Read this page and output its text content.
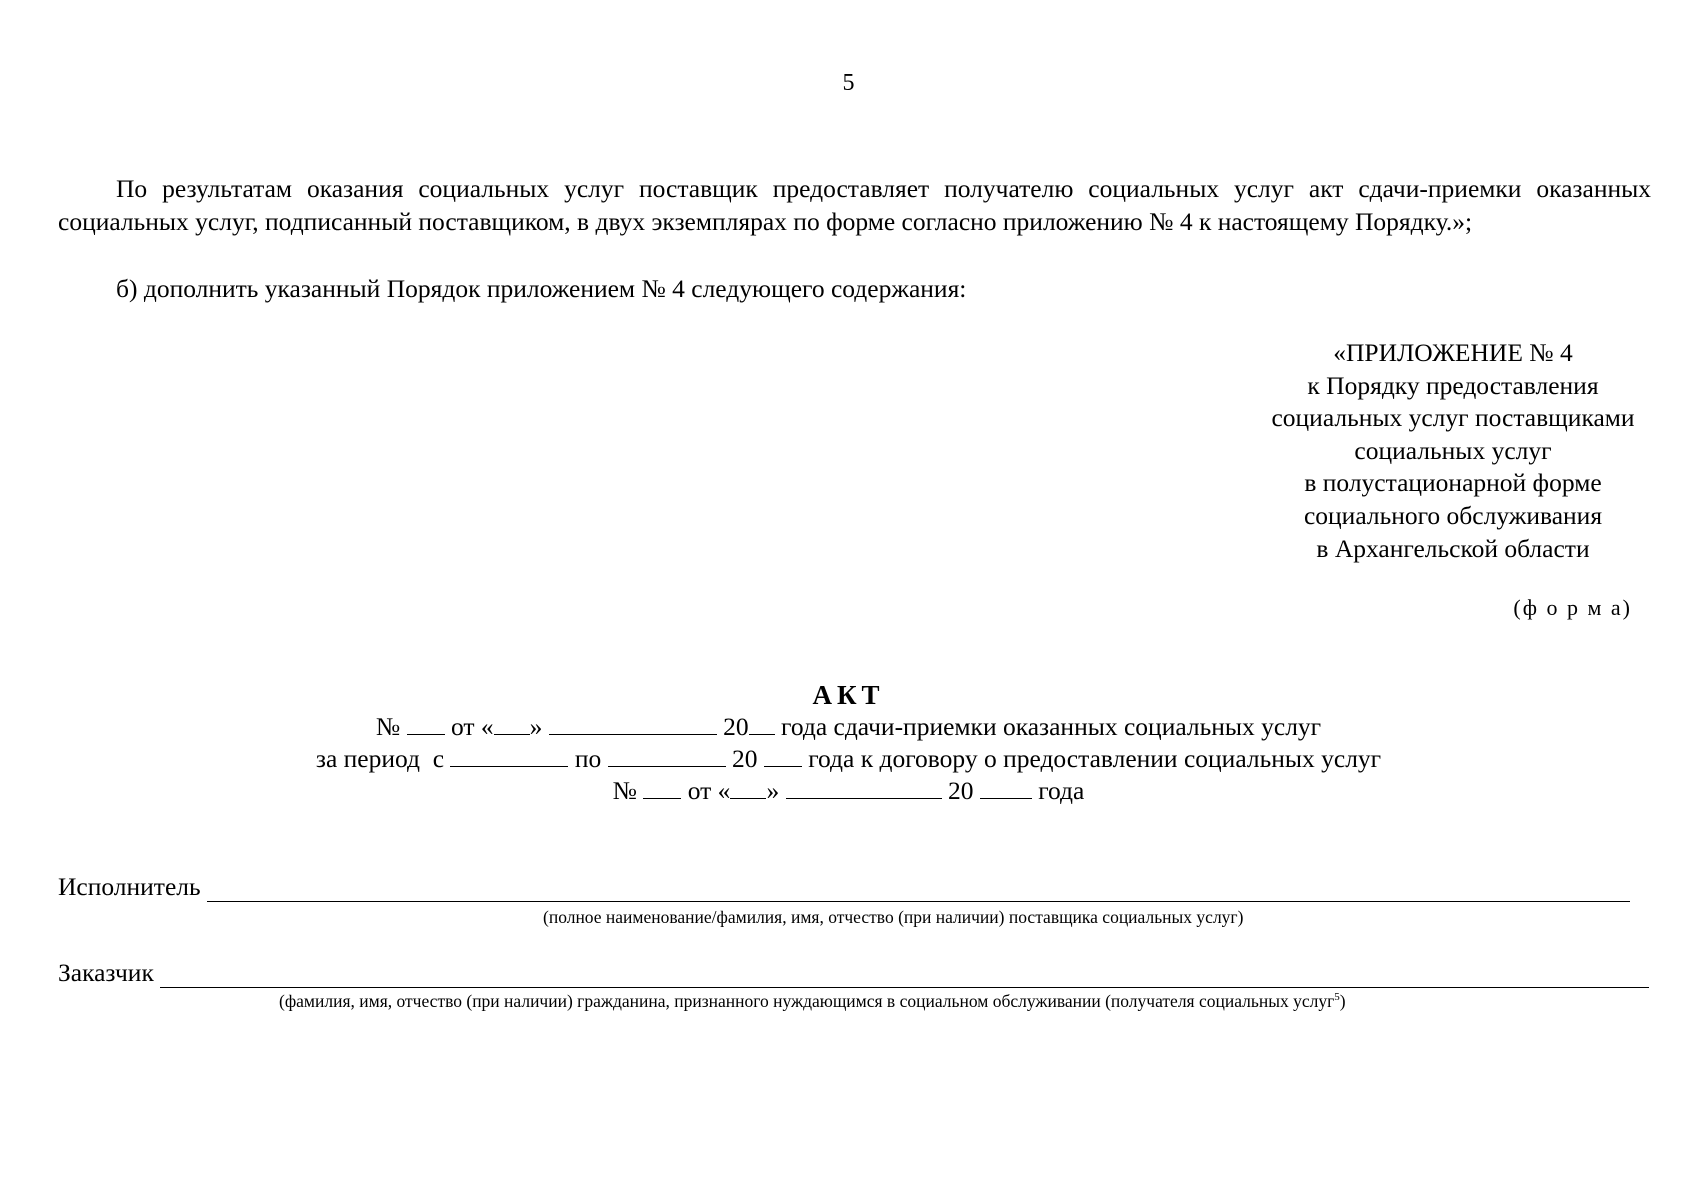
5
По результатам оказания социальных услуг поставщик предоставляет получателю социальных услуг акт сдачи-приемки оказанных социальных услуг, подписанный поставщиком, в двух экземплярах по форме согласно приложению № 4 к настоящему Порядку.»;
б) дополнить указанный Порядок приложением № 4 следующего содержания:
«ПРИЛОЖЕНИЕ № 4
к Порядку предоставления
социальных услуг поставщиками
социальных услуг
в полустационарной форме
социального обслуживания
в Архангельской области
(ф о р м а)
АКТ
№ от « »	20 года сдачи-приемки оказанных социальных услуг
за период  с	по	20 года к договору о предоставлении социальных услуг
№ от « »	20	года
Исполнитель
(полное наименование/фамилия, имя, отчество (при наличии) поставщика социальных услуг)
Заказчик
(фамилия, имя, отчество (при наличии) гражданина, признанного нуждающимся в социальном обслуживании (получателя социальных услуг$^5$)
